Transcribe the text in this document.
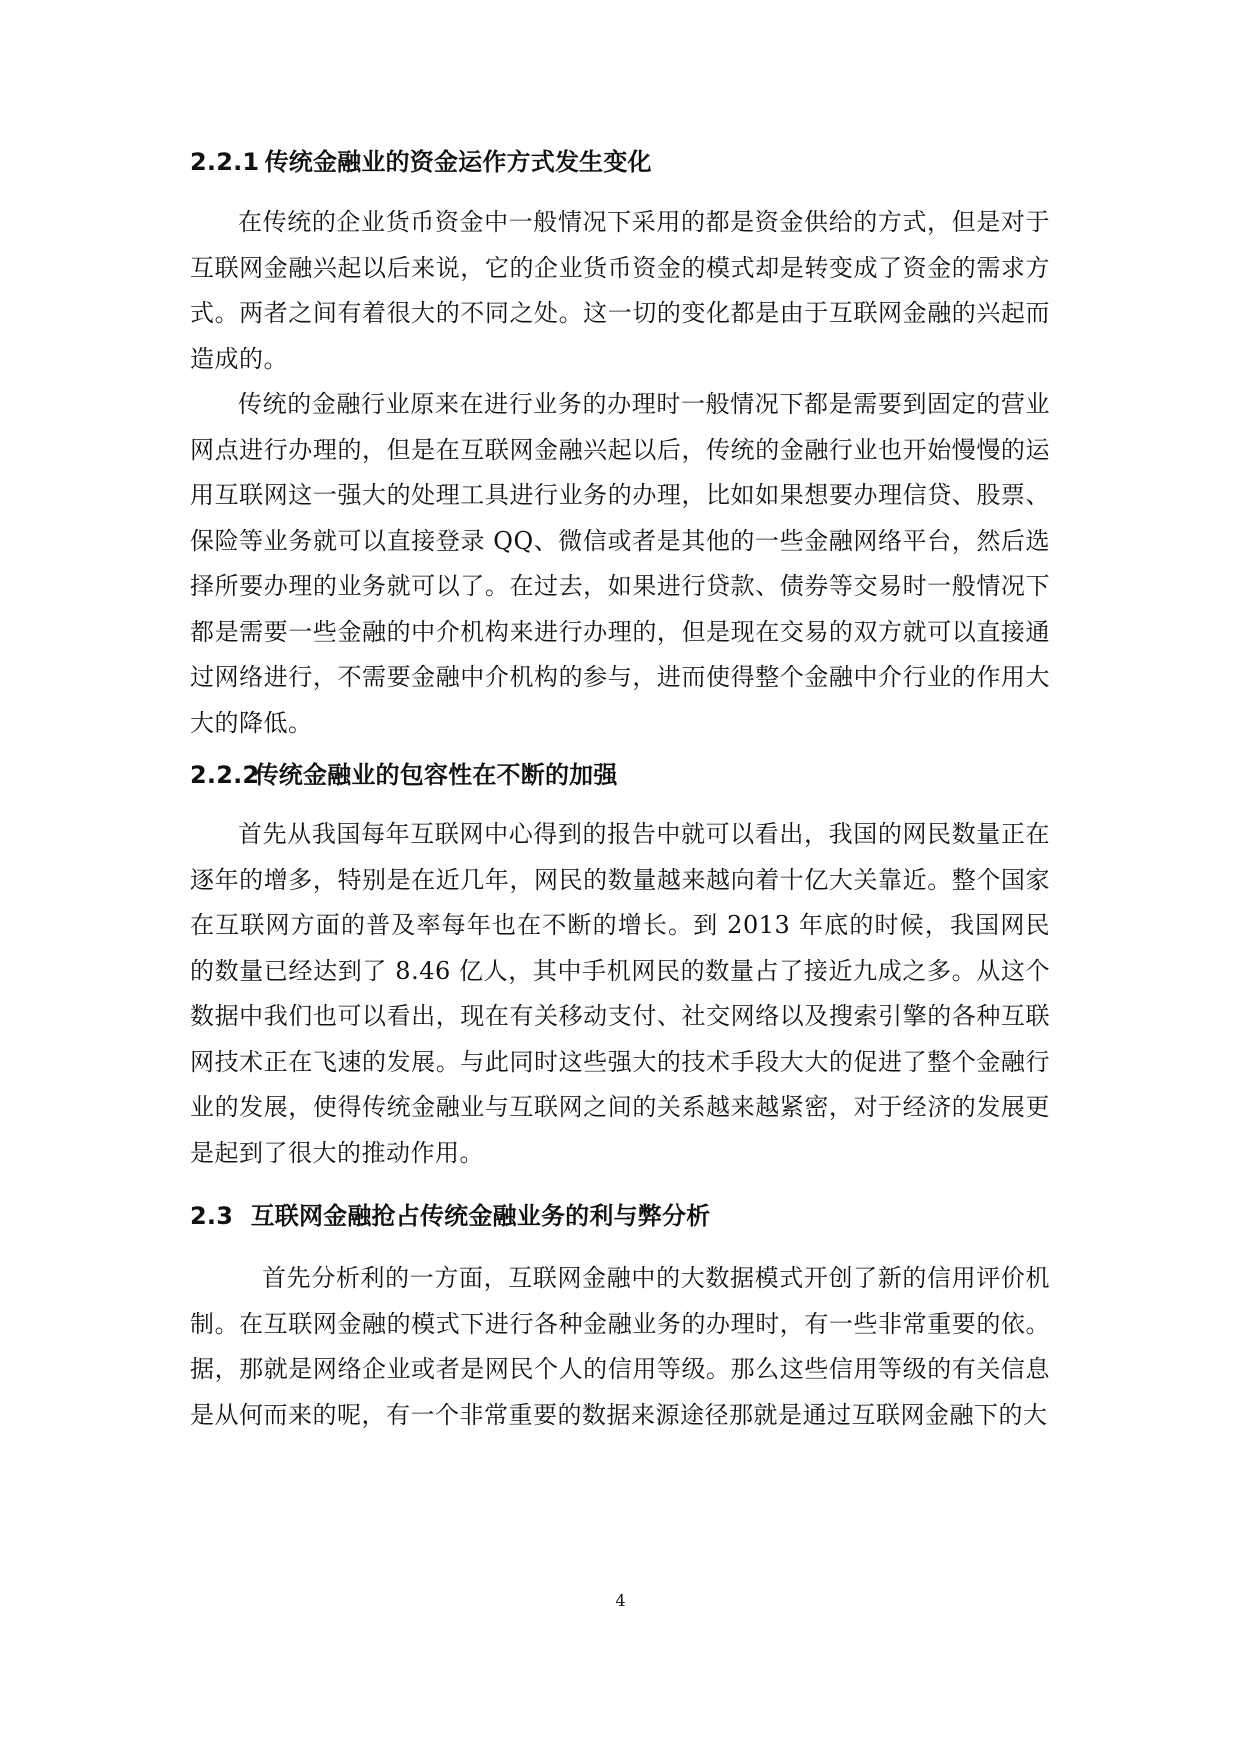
2.2.1 传统金融业的资金运作方式发生变化

在传统的企业货币资金中一般情况下采用的都是资金供给的方式，但是对于互联网金融兴起以后来说，它的企业货币资金的模式却是转变成了资金的需求方式。两者之间有着很大的不同之处。这一切的变化都是由于互联网金融的兴起而造成的。

传统的金融行业原来在进行业务的办理时一般情况下都是需要到固定的营业网点进行办理的，但是在互联网金融兴起以后，传统的金融行业也开始慢慢的运用互联网这一强大的处理工具进行业务的办理，比如如果想要办理信贷、股票、保险等业务就可以直接登录 QQ、微信或者是其他的一些金融网络平台，然后选择所要办理的业务就可以了。在过去，如果进行贷款、债券等交易时一般情况下都是需要一些金融的中介机构来进行办理的，但是现在交易的双方就可以直接通过网络进行，不需要金融中介机构的参与，进而使得整个金融中介行业的作用大大的降低。

2.2.2 传统金融业的包容性在不断的加强

首先从我国每年互联网中心得到的报告中就可以看出，我国的网民数量正在逐年的增多，特别是在近几年，网民的数量越来越向着十亿大关靠近。整个国家在互联网方面的普及率每年也在不断的增长。到 2013 年底的时候，我国网民的数量已经达到了 8.46 亿人，其中手机网民的数量占了接近九成之多。从这个数据中我们也可以看出，现在有关移动支付、社交网络以及搜索引擎的各种互联网技术正在飞速的发展。与此同时这些强大的技术手段大大的促进了整个金融行业的发展，使得传统金融业与互联网之间的关系越来越紧密，对于经济的发展更是起到了很大的推动作用。

2.3 互联网金融抢占传统金融业务的利与弊分析

首先分析利的一方面，互联网金融中的大数据模式开创了新的信用评价机制。在互联网金融的模式下进行各种金融业务的办理时，有一些非常重要的依。据，那就是网络企业或者是网民个人的信用等级。那么这些信用等级的有关信息是从何而来的呢，有一个非常重要的数据来源途径那就是通过互联网金融下的大

4
